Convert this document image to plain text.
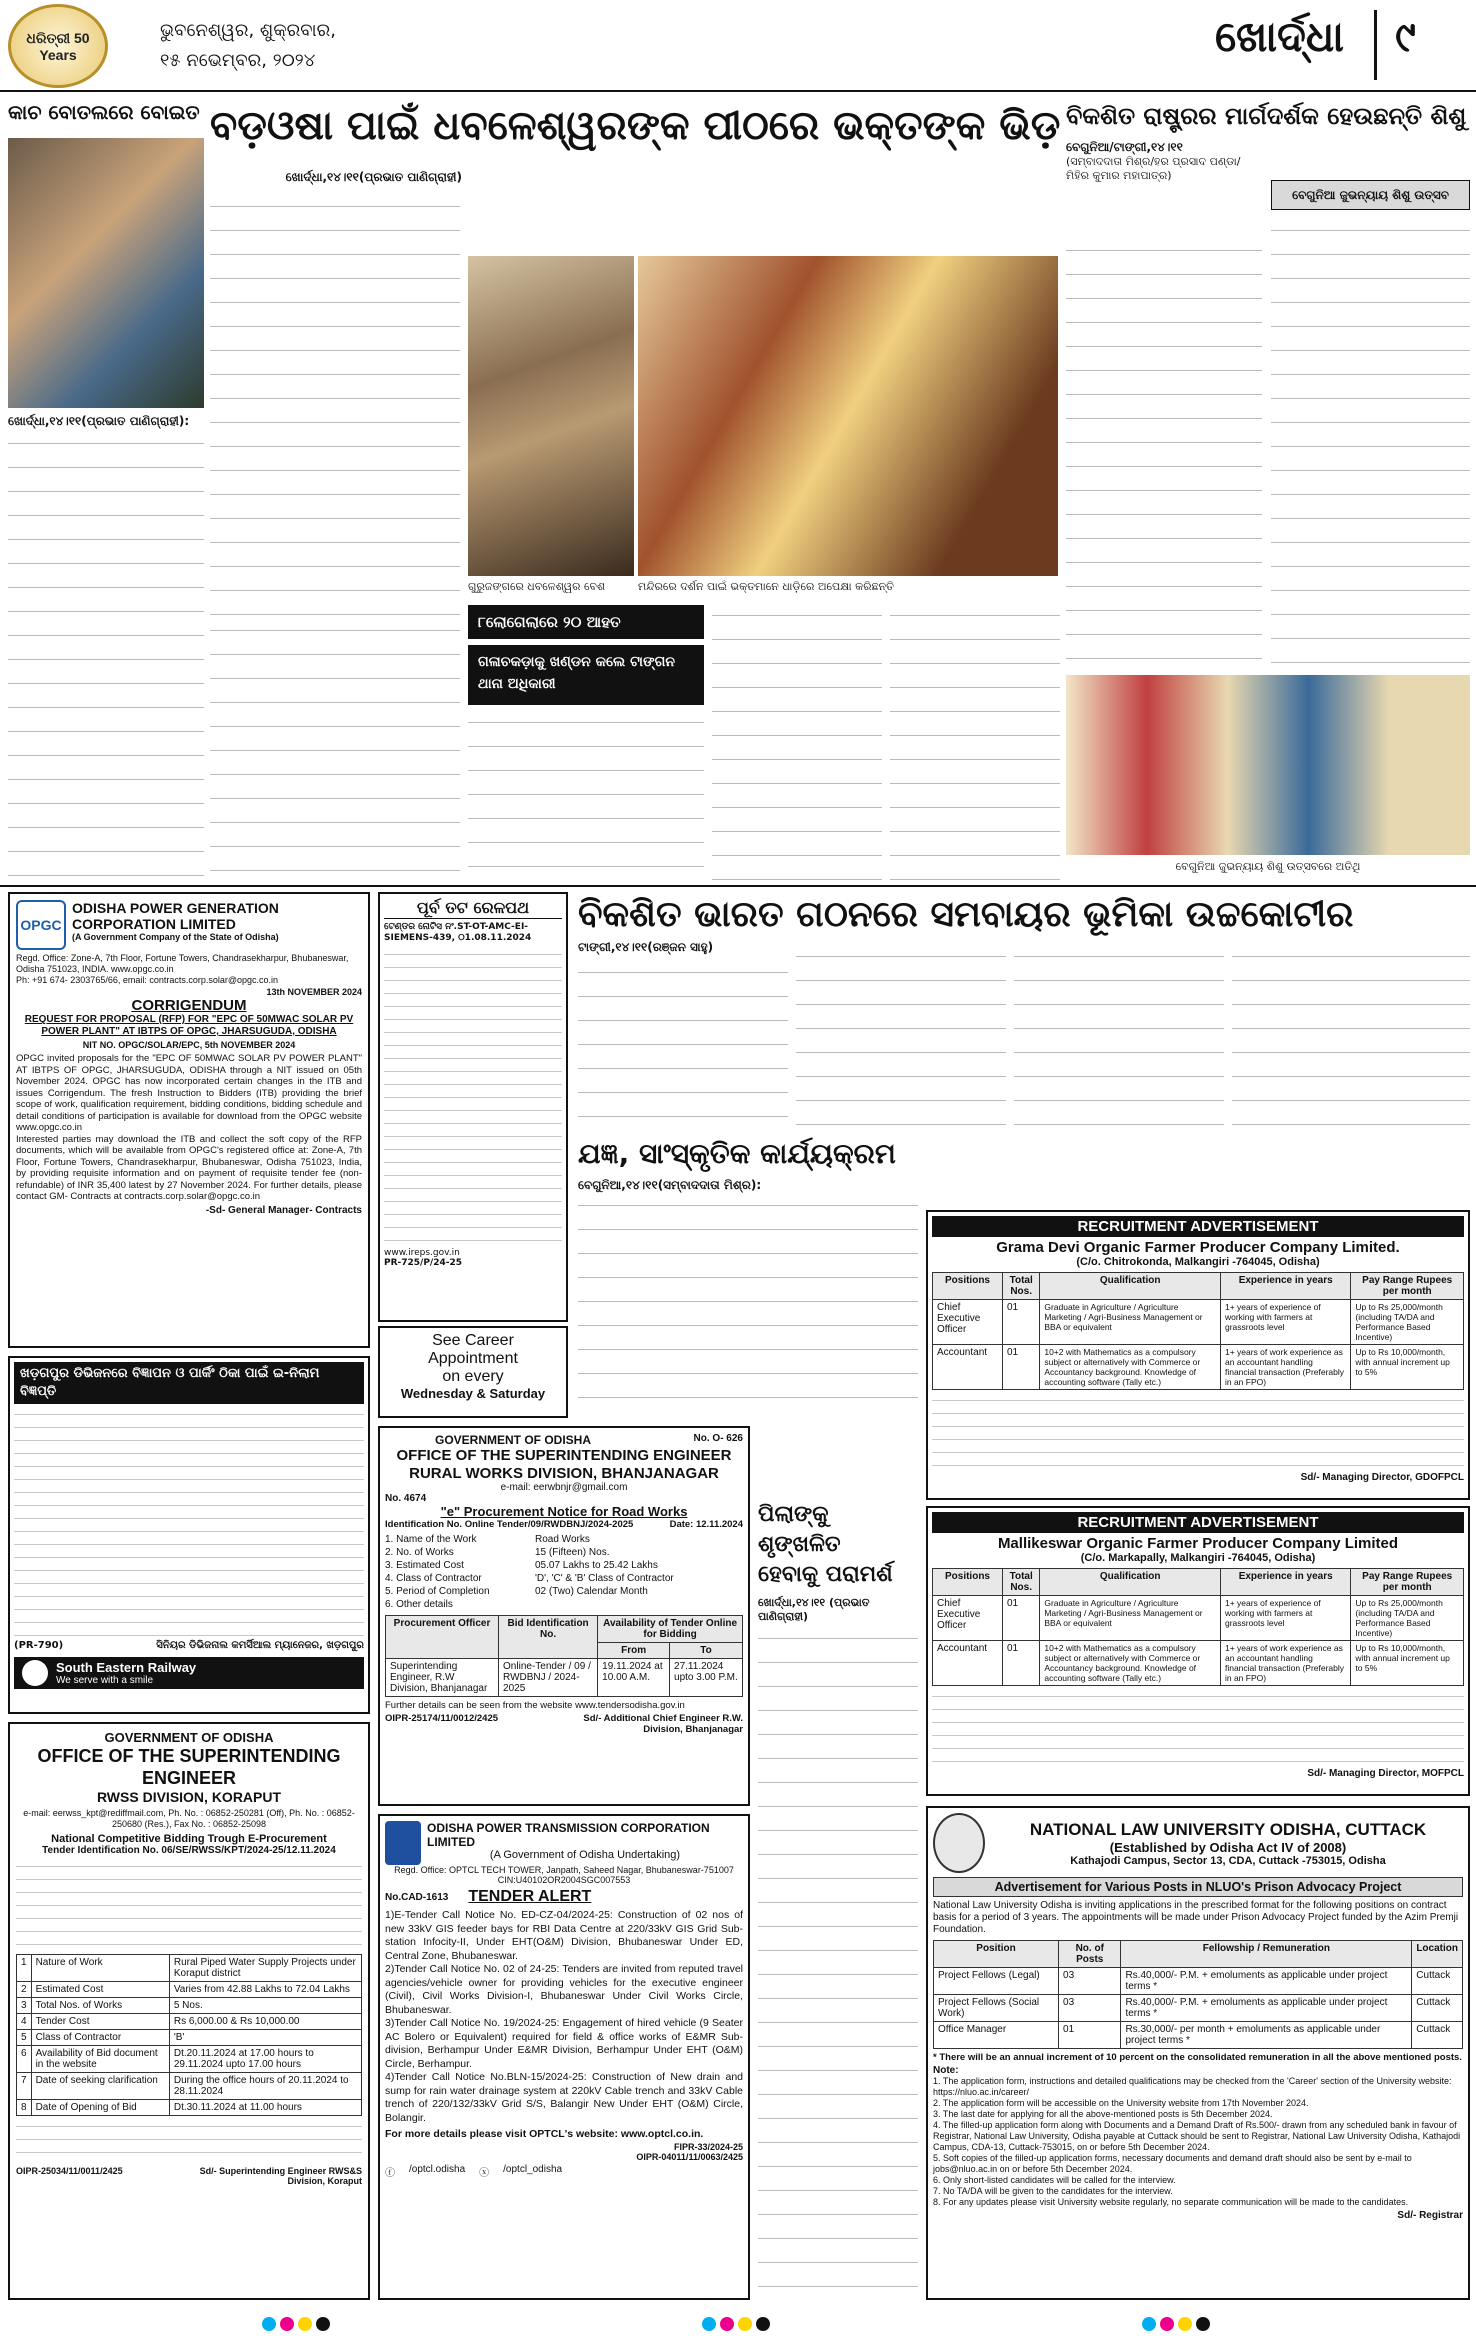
ଧରିତ୍ରୀ 50 Years
ଭୁବନେଶ୍ୱର, ଶୁକ୍ରବାର,
୧୫ ନଭେମ୍ବର, ୨୦୨୪	ଖୋର୍ଦ୍ଧା ୯
କାଚ ବୋତଲରେ ବୋଇତ
ଖୋର୍ଦ୍ଧା,୧୪।୧୧(ପ୍ରଭାତ ପାଣିଗ୍ରାହୀ):
ବଡ଼ଓଷା ପାଇଁ ଧବଳେଶ୍ୱରଙ୍କ ପୀଠରେ ଭକ୍ତଙ୍କ ଭିଡ଼
ଖୋର୍ଦ୍ଧା,୧୪।୧୧(ପ୍ରଭାତ ପାଣିଗ୍ରାହୀ)
ଗୁରୁଜଙ୍ଗରେ ଧବଳେଶ୍ୱର ବେଶ	ମନ୍ଦିରରେ ଦର୍ଶନ ପାଇଁ ଭକ୍ତମାନେ ଧାଡ଼ିରେ ଅପେକ୍ଷା କରିଛନ୍ତି
୮ଲୋଗେଲାରେ ୨୦ ଆହତ
ଗଳାଚକଡ଼ାକୁ ଖଣ୍ଡନ କଲେ ଟାଙ୍ଗନ ଥାନା ଅଧିକାରୀ
ବିକଶିତ ରାଷ୍ଟ୍ରର ମାର୍ଗଦର୍ଶକ ହେଉଛନ୍ତି ଶିଶୁ
ବେଗୁନିଆ/ଟାଙ୍ଗୀ,୧୪।୧୧
(ସମ୍ବାଦଦାତା ମିଶ୍ର/ହର ପ୍ରସାଦ ପଣ୍ଡା/ ମିହିର କୁମାର ମହାପାତ୍ର)
ବେଗୁନିଆ ଜୁଭନ୍ୟାୟ ଶିଶୁ ଉତ୍ସବ
ବେଗୁନିଆ ଜୁଭନ୍ୟାୟ ଶିଶୁ ଉତ୍ସବରେ ଅତିଥି
OPGC
ODISHA POWER GENERATION CORPORATION LIMITED
(A Government Company of the State of Odisha)
Regd. Office: Zone-A, 7th Floor, Fortune Towers, Chandrasekharpur, Bhubaneswar, Odisha 751023, INDIA. www.opgc.co.in
Ph: +91 674- 2303765/66, email: contracts.corp.solar@opgc.co.in
13th NOVEMBER 2024
CORRIGENDUM
REQUEST FOR PROPOSAL (RFP) FOR "EPC OF 50MWAC SOLAR PV POWER PLANT" AT IBTPS OF OPGC, JHARSUGUDA, ODISHA
NIT NO. OPGC/SOLAR/EPC, 5th NOVEMBER 2024
OPGC invited proposals for the "EPC OF 50MWAC SOLAR PV POWER PLANT" AT IBTPS OF OPGC, JHARSUGUDA, ODISHA through a NIT issued on 05th November 2024. OPGC has now incorporated certain changes in the ITB and issues Corrigendum. The fresh Instruction to Bidders (ITB) providing the brief scope of work, qualification requirement, bidding conditions, bidding schedule and detail conditions of participation is available for download from the OPGC website www.opgc.co.in
Interested parties may download the ITB and collect the soft copy of the RFP documents, which will be available from OPGC's registered office at: Zone-A, 7th Floor, Fortune Towers, Chandrasekharpur, Bhubaneswar, Odisha 751023, India, by providing requisite information and on payment of requisite tender fee (non-refundable) of INR 35,400 latest by 27 November 2024. For further details, please contact GM- Contracts at contracts.corp.solar@opgc.co.in
-Sd- General Manager- Contracts
ପୂର୍ବ ତଟ ରେଳପଥ
ଟେଣ୍ଡର ନୋଟିସ ନଂ.ST-OT-AMC-EI-SIEMENS-439, ୦1.08.11.2024
www.ireps.gov.in
PR-725/P/24-25
See Career
Appointment
on every
Wednesday & Saturday
ବିକଶିତ ଭାରତ ଗଠନରେ ସମବାୟର ଭୂମିକା ଉଚ୍ଚକୋଟୀର
ଟାଙ୍ଗୀ,୧୪।୧୧(ରଞ୍ଜନ ସାହୁ)
ଯଜ୍ଞ, ସାଂସ୍କୃତିକ କାର୍ଯ୍ୟକ୍ରମ
ବେଗୁନିଆ,୧୪।୧୧(ସମ୍ବାଦଦାତା ମିଶ୍ର):
RECRUITMENT ADVERTISEMENT
Grama Devi Organic Farmer Producer Company Limited.
(C/o. Chitrokonda, Malkangiri -764045, Odisha)
Positions	Total Nos.	Qualification	Experience in years	Pay Range Rupees per month
Chief Executive Officer	01	Graduate in Agriculture / Agriculture Marketing / Agri-Business Management or BBA or equivalent	1+ years of experience of working with farmers at grassroots level	Up to Rs 25,000/month (including TA/DA and Performance Based Incentive)
Accountant	01	10+2 with Mathematics as a compulsory subject or alternatively with Commerce or Accountancy background. Knowledge of accounting software (Tally etc.)	1+ years of work experience as an accountant handling financial transaction (Preferably in an FPO)	Up to Rs 10,000/month, with annual increment up to 5%
Sd/- Managing Director, GDOFPCL
ଖଡ଼ଗପୁର ଡିଭିଜନରେ ବିଜ୍ଞାପନ ଓ ପାର୍କିଂ ଠିକା ପାଇଁ ଇ-ନିଲାମ ବିଜ୍ଞପ୍ତି
(PR-790)	ସିନିୟର ଡିଭିଜନାଲ କମର୍ସିଆଲ ମ୍ୟାନେଜର, ଖଡ଼ଗପୁର
South Eastern Railway
We serve with a smile
GOVERNMENT OF ODISHA
OFFICE OF THE SUPERINTENDING ENGINEER
RWSS DIVISION, KORAPUT
e-mail: eerwss_kpt@rediffmail.com, Ph. No. : 06852-250281 (Off), Ph. No. : 06852-250680 (Res.), Fax No. : 06852-25098
National Competitive Bidding Trough E-Procurement
Tender Identification No. 06/SE/RWSS/KPT/2024-25/12.11.2024
1	Nature of Work	Rural Piped Water Supply Projects under Koraput district
2	Estimated Cost	Varies from 42.88 Lakhs to 72.04 Lakhs
3	Total Nos. of Works	5 Nos.
4	Tender Cost	Rs 6,000.00 & Rs 10,000.00
5	Class of Contractor	'B'
6	Availability of Bid document in the website	Dt.20.11.2024 at 17.00 hours to 29.11.2024 upto 17.00 hours
7	Date of seeking clarification	During the office hours of 20.11.2024 to 28.11.2024
8	Date of Opening of Bid	Dt.30.11.2024 at 11.00 hours
OIPR-25034/11/0011/2425	Sd/- Superintending Engineer RWS&S Division, Koraput
GOVERNMENT OF ODISHA	No. O- 626
OFFICE OF THE SUPERINTENDING ENGINEER
RURAL WORKS DIVISION, BHANJANAGAR
e-mail: eerwbnjr@gmail.com
No. 4674
"e" Procurement Notice for Road Works
Identification No. Online Tender/09/RWDBNJ/2024-2025	Date: 12.11.2024
1. Name of the Work	Road Works
2. No. of Works	15 (Fifteen) Nos.
3. Estimated Cost	05.07 Lakhs to 25.42 Lakhs
4. Class of Contractor	'D', 'C' & 'B' Class of Contractor
5. Period of Completion	02 (Two) Calendar Month
6. Other details
Procurement Officer	Bid Identification No.	Availability of Tender Online for Bidding	
		From	To
Superintending Engineer, R.W Division, Bhanjanagar	Online-Tender / 09 / RWDBNJ / 2024-2025	19.11.2024 at 10.00 A.M.	27.11.2024 upto 3.00 P.M.
Further details can be seen from the website www.tendersodisha.gov.in
OIPR-25174/11/0012/2425	Sd/- Additional Chief Engineer R.W. Division, Bhanjanagar
ODISHA POWER TRANSMISSION CORPORATION LIMITED
(A Government of Odisha Undertaking)
Regd. Office: OPTCL TECH TOWER, Janpath, Saheed Nagar, Bhubaneswar-751007
CIN:U40102OR2004SGC007553
No.CAD-1613 TENDER ALERT
1)E-Tender Call Notice No. ED-CZ-04/2024-25: Construction of 02 nos of new 33kV GIS feeder bays for RBI Data Centre at 220/33kV GIS Grid Sub-station Infocity-II, Under EHT(O&M) Division, Bhubaneswar Under ED, Central Zone, Bhubaneswar.
2)Tender Call Notice No. 02 of 24-25: Tenders are invited from reputed travel agencies/vehicle owner for providing vehicles for the executive engineer (Civil), Civil Works Division-I, Bhubaneswar Under Civil Works Circle, Bhubaneswar.
3)Tender Call Notice No. 19/2024-25: Engagement of hired vehicle (9 Seater AC Bolero or Equivalent) required for field & office works of E&MR Sub-division, Berhampur Under E&MR Division, Berhampur Under EHT (O&M) Circle, Berhampur.
4)Tender Call Notice No.BLN-15/2024-25: Construction of New drain and sump for rain water drainage system at 220kV Cable trench and 33kV Cable trench of 220/132/33kV Grid S/S, Balangir New Under EHT (O&M) Circle, Bolangir.
For more details please visit OPTCL's website: www.optcl.co.in.
FIPR-33/2024-25
OIPR-04011/11/0063/2425
ⓕ /optcl.odisha ⓧ /optcl_odisha
ପିଲାଙ୍କୁ ଶୃଙ୍ଖଳିତ
ହେବାକୁ ପରାମର୍ଶ
ଖୋର୍ଦ୍ଧା,୧୪।୧୧ (ପ୍ରଭାତ ପାଣିଗ୍ରାହୀ)
RECRUITMENT ADVERTISEMENT
Mallikeswar Organic Farmer Producer Company Limited
(C/o. Markapally, Malkangiri -764045, Odisha)
Positions	Total Nos.	Qualification	Experience in years	Pay Range Rupees per month
Chief Executive Officer	01	Graduate in Agriculture / Agriculture Marketing / Agri-Business Management or BBA or equivalent	1+ years of experience of working with farmers at grassroots level	Up to Rs 25,000/month (including TA/DA and Performance Based Incentive)
Accountant	01	10+2 with Mathematics as a compulsory subject or alternatively with Commerce or Accountancy background. Knowledge of accounting software (Tally etc.)	1+ years of work experience as an accountant handling financial transaction (Preferably in an FPO)	Up to Rs 10,000/month, with annual increment up to 5%
Sd/- Managing Director, MOFPCL
NATIONAL LAW UNIVERSITY ODISHA, CUTTACK
(Established by Odisha Act IV of 2008)
Kathajodi Campus, Sector 13, CDA, Cuttack -753015, Odisha
Advertisement for Various Posts in NLUO's Prison Advocacy Project
National Law University Odisha is inviting applications in the prescribed format for the following positions on contract basis for a period of 3 years. The appointments will be made under Prison Advocacy Project funded by the Azim Premji Foundation.
Position	No. of Posts	Fellowship / Remuneration	Location
Project Fellows (Legal)	03	Rs.40,000/- P.M. + emoluments as applicable under project terms *	Cuttack
Project Fellows (Social Work)	03	Rs.40,000/- P.M. + emoluments as applicable under project terms *	Cuttack
Office Manager	01	Rs.30,000/- per month + emoluments as applicable under project terms *	Cuttack
* There will be an annual increment of 10 percent on the consolidated remuneration in all the above mentioned posts.
Note:
1. The application form, instructions and detailed qualifications may be checked from the 'Career' section of the University website: https://nluo.ac.in/career/
2. The application form will be accessible on the University website from 17th November 2024.
3. The last date for applying for all the above-mentioned posts is 5th December 2024.
4. The filled-up application form along with Documents and a Demand Draft of Rs.500/- drawn from any scheduled bank in favour of Registrar, National Law University, Odisha payable at Cuttack should be sent to Registrar, National Law University Odisha, Kathajodi Campus, CDA-13, Cuttack-753015, on or before 5th December 2024.
5. Soft copies of the filled-up application forms, necessary documents and demand draft should also be sent by e-mail to jobs@nluo.ac.in on or before 5th December 2024.
6. Only short-listed candidates will be called for the interview.
7. No TA/DA will be given to the candidates for the interview.
8. For any updates please visit University website regularly, no separate communication will be made to the candidates.
Sd/- Registrar
